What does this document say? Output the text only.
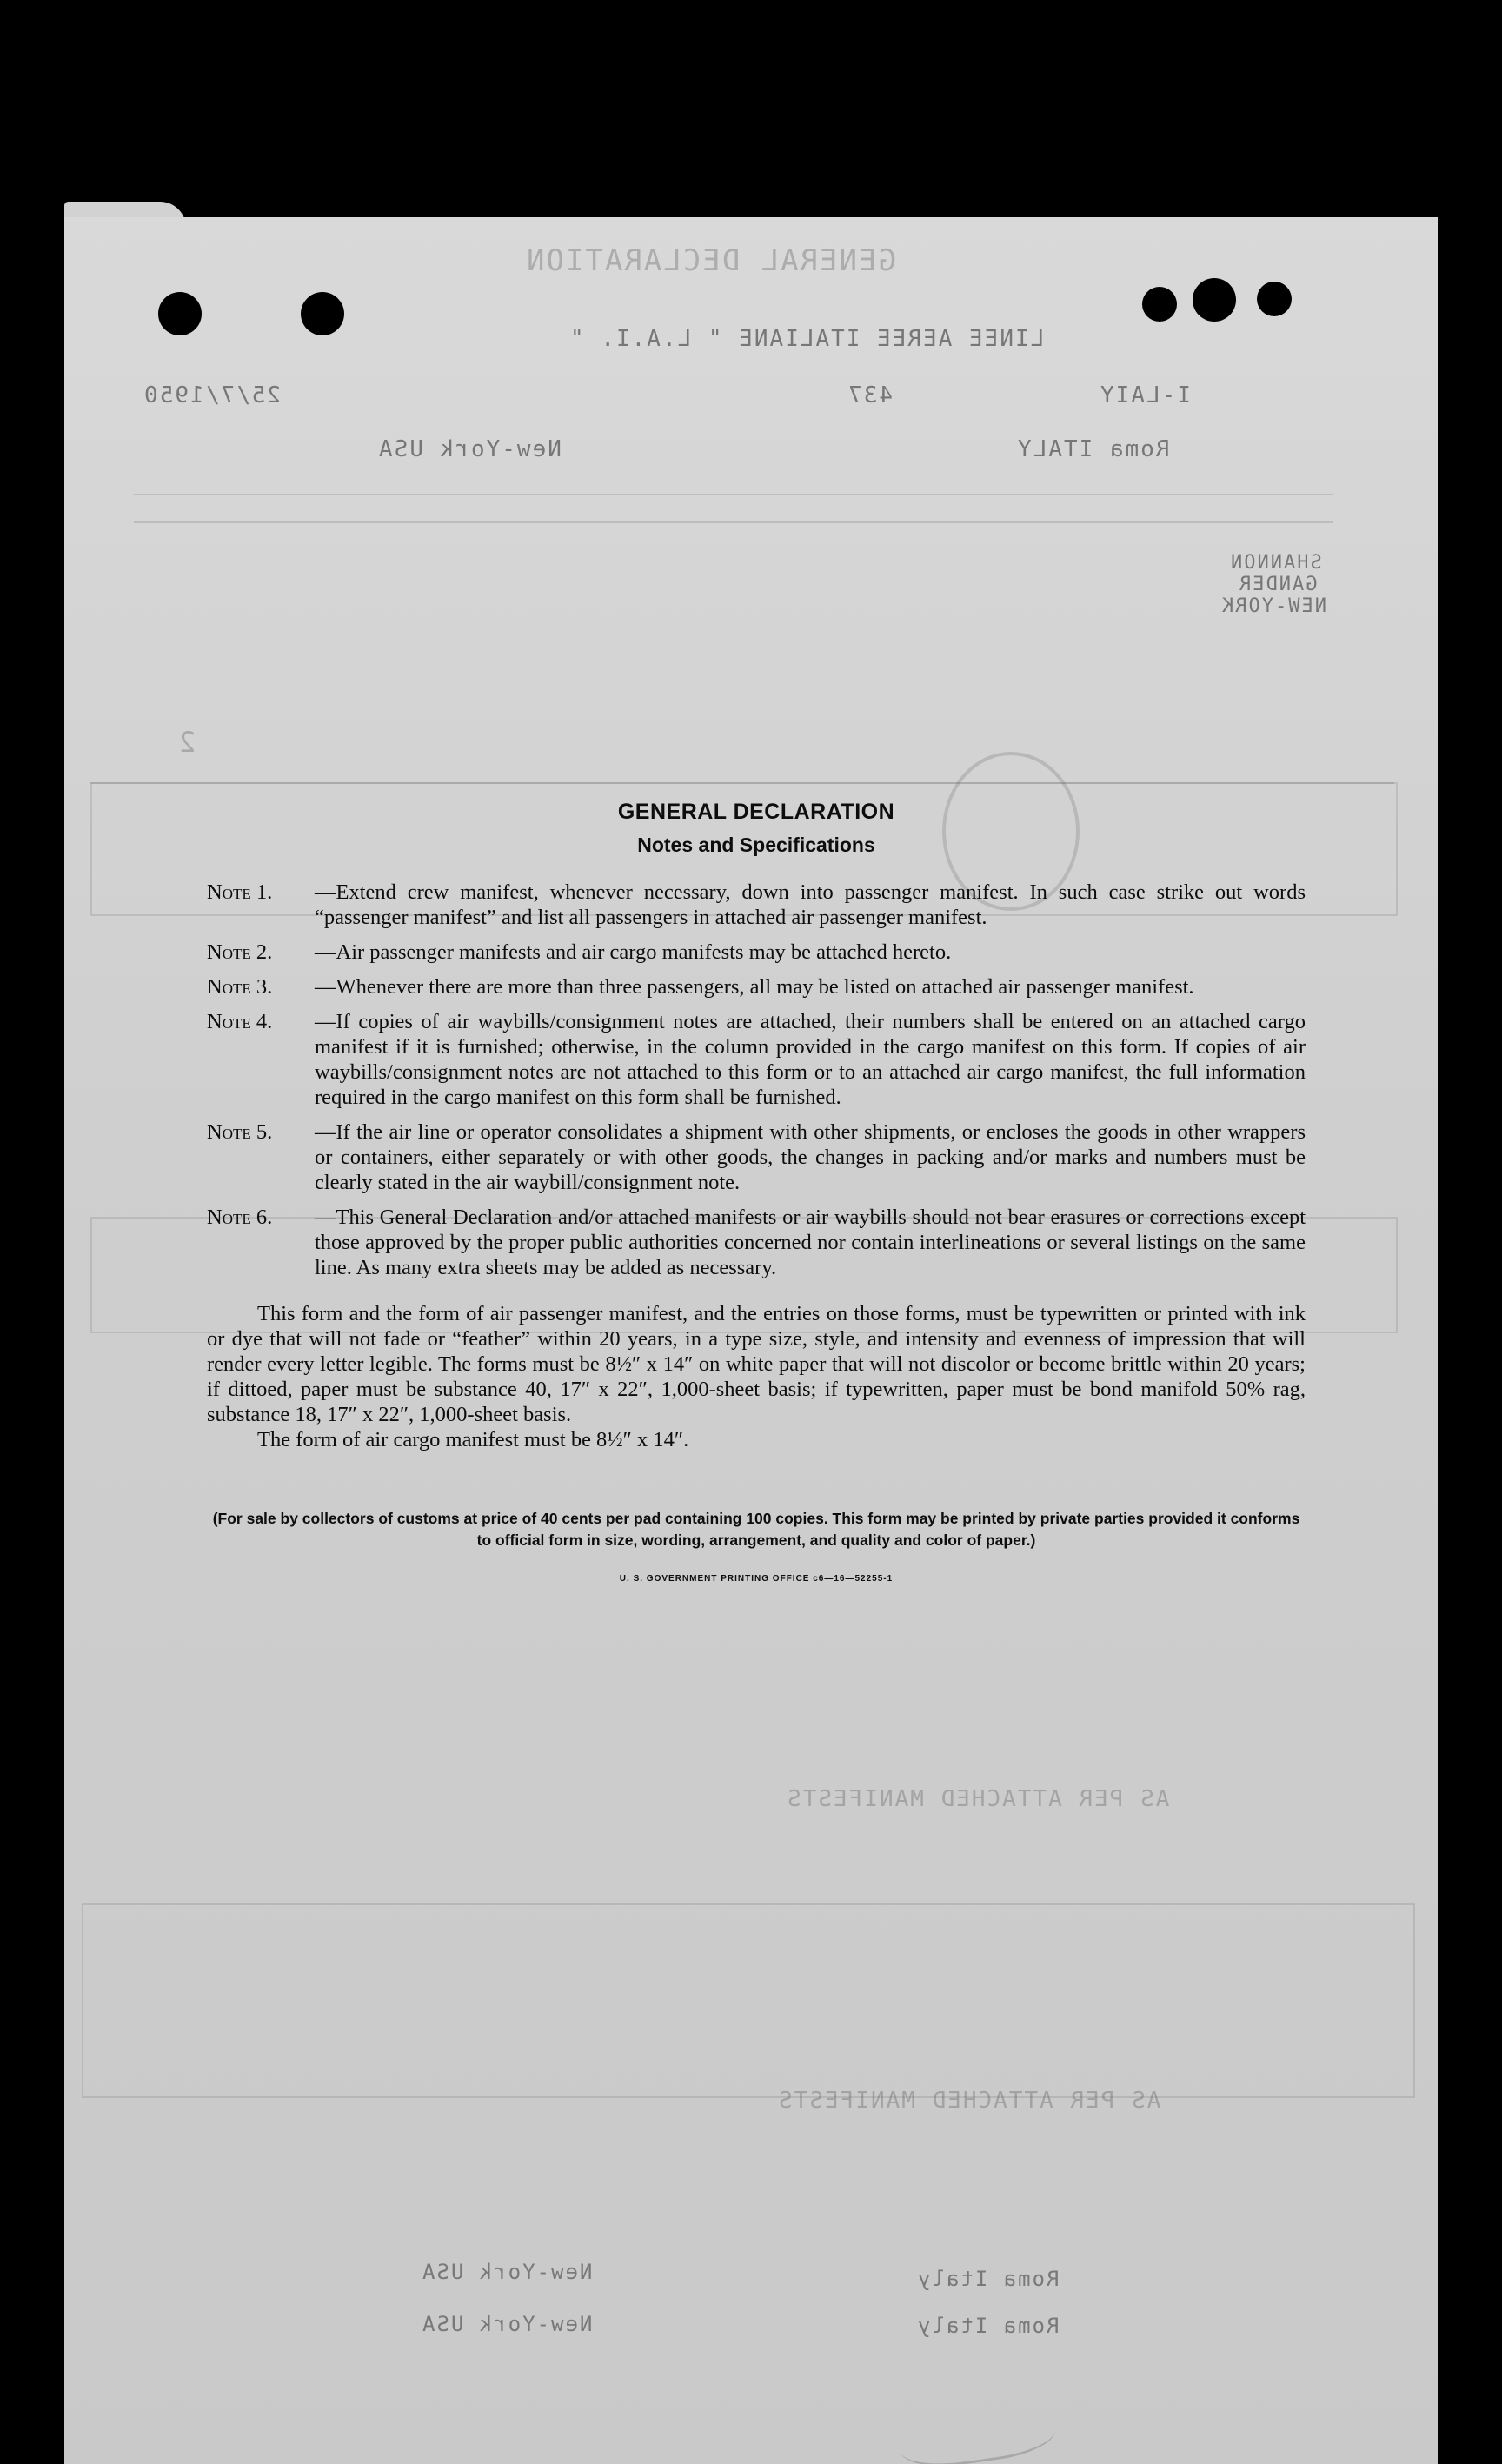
GENERAL DECLARATION
LINEE AEREE ITALIANE " L.A.I. "
I-LAIY
437
25/7/1950
Roma ITALY
New-York USA
SHANNON
GANDER
NEW-YORK
2
AS PER ATTACHED MANIFESTS
AS PER ATTACHED MANIFESTS
Roma Italy
New-York USA
Roma Italy
New-York USA
GENERAL DECLARATION
Notes and Specifications
Note 1.	—Extend crew manifest, whenever necessary, down into passenger manifest. In such case strike out words “passenger manifest” and list all passengers in attached air passenger manifest.
Note 2.	—Air passenger manifests and air cargo manifests may be attached hereto.
Note 3.	—Whenever there are more than three passengers, all may be listed on attached air passenger manifest.
Note 4.	—If copies of air waybills/consignment notes are attached, their numbers shall be entered on an attached cargo manifest if it is furnished; otherwise, in the column provided in the cargo manifest on this form. If copies of air waybills/consignment notes are not attached to this form or to an attached air cargo manifest, the full information required in the cargo manifest on this form shall be furnished.
Note 5.	—If the air line or operator consolidates a shipment with other shipments, or encloses the goods in other wrappers or containers, either separately or with other goods, the changes in packing and/or marks and numbers must be clearly stated in the air waybill/consignment note.
Note 6.	—This General Declaration and/or attached manifests or air waybills should not bear erasures or corrections except those approved by the proper public authorities concerned nor contain interlineations or several listings on the same line. As many extra sheets may be added as necessary.
This form and the form of air passenger manifest, and the entries on those forms, must be typewritten or printed with ink or dye that will not fade or “feather” within 20 years, in a type size, style, and intensity and evenness of impression that will render every letter legible. The forms must be 8½″ x 14″ on white paper that will not discolor or become brittle within 20 years; if dittoed, paper must be substance 40, 17″ x 22″, 1,000-sheet basis; if typewritten, paper must be bond manifold 50% rag, substance 18, 17″ x 22″, 1,000-sheet basis.
The form of air cargo manifest must be 8½″ x 14″.
(For sale by collectors of customs at price of 40 cents per pad containing 100 copies. This form may be printed by private parties provided it conforms to official form in size, wording, arrangement, and quality and color of paper.)
U. S. GOVERNMENT PRINTING OFFICE c6—16—52255-1
